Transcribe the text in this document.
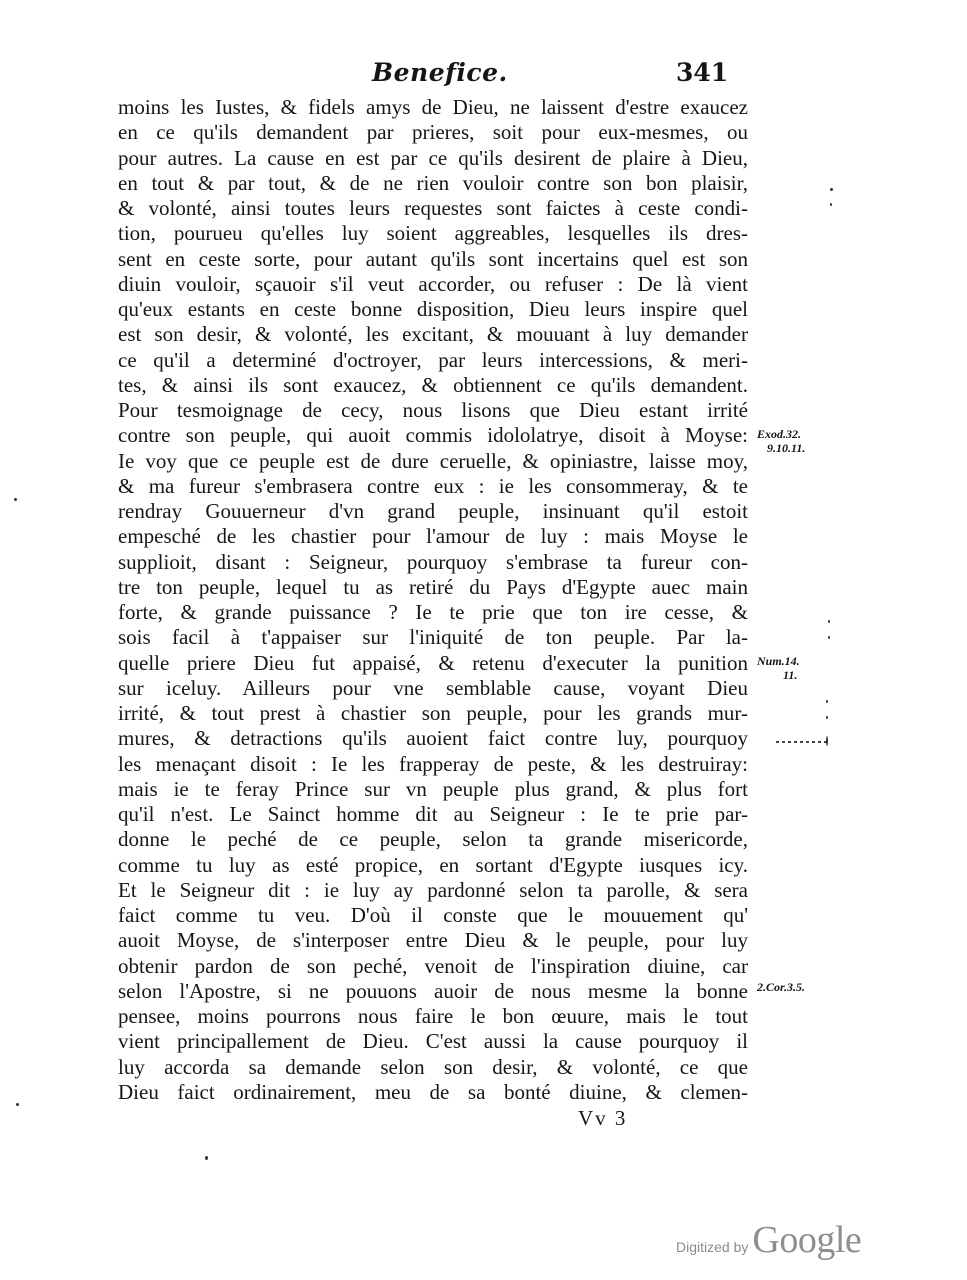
Benefice.	341
moins les Iustes, & fidels amys de Dieu, ne laissent d'estre exaucez
en ce qu'ils demandent par prieres, soit pour eux-mesmes, ou
pour autres. La cause en est par ce qu'ils desirent de plaire à Dieu,
en tout & par tout, & de ne rien vouloir contre son bon plaisir,
& volonté, ainsi toutes leurs requestes sont faictes à ceste condi-
tion, pourueu qu'elles luy soient aggreables, lesquelles ils dres-
sent en ceste sorte, pour autant qu'ils sont incertains quel est son
diuin vouloir, sçauoir s'il veut accorder, ou refuser : De là vient
qu'eux estants en ceste bonne disposition, Dieu leurs inspire quel
est son desir, & volonté, les excitant, & mouuant à luy demander
ce qu'il a determiné d'octroyer, par leurs intercessions, & meri-
tes, & ainsi ils sont exaucez, & obtiennent ce qu'ils demandent.
Pour tesmoignage de cecy, nous lisons que Dieu estant irrité
contre son peuple, qui auoit commis idololatrye, disoit à Moyse:
Ie voy que ce peuple est de dure ceruelle, & opiniastre, laisse moy,
& ma fureur s'embrasera contre eux : ie les consommeray, & te
rendray Gouuerneur d'vn grand peuple, insinuant qu'il estoit
empesché de les chastier pour l'amour de luy : mais Moyse le
supplioit, disant : Seigneur, pourquoy s'embrase ta fureur con-
tre ton peuple, lequel tu as retiré du Pays d'Egypte auec main
forte, & grande puissance ? Ie te prie que ton ire cesse, &
sois facil à t'appaiser sur l'iniquité de ton peuple. Par la-
quelle priere Dieu fut appaisé, & retenu d'executer la punition
sur iceluy. Ailleurs pour vne semblable cause, voyant Dieu
irrité, & tout prest à chastier son peuple, pour les grands mur-
mures, & detractions qu'ils auoient faict contre luy, pourquoy
les menaçant disoit : Ie les frapperay de peste, & les destruiray:
mais ie te feray Prince sur vn peuple plus grand, & plus fort
qu'il n'est. Le Sainct homme dit au Seigneur : Ie te prie par-
donne le peché de ce peuple, selon ta grande misericorde,
comme tu luy as esté propice, en sortant d'Egypte iusques icy.
Et le Seigneur dit : ie luy ay pardonné selon ta parolle, & sera
faict comme tu veu. D'où il conste que le mouuement qu'
auoit Moyse, de s'interposer entre Dieu & le peuple, pour luy
obtenir pardon de son peché, venoit de l'inspiration diuine, car
selon l'Apostre, si ne pouuons auoir de nous mesme la bonne
pensee, moins pourrons nous faire le bon œuure, mais le tout
vient principallement de Dieu. C'est aussi la cause pourquoy il
luy accorda sa demande selon son desir, & volonté, ce que
Dieu faict ordinairement, meu de sa bonté diuine, & clemen-
Exod.32.
9.10.11.
Num.14.
11.
2.Cor.3.5.
Vv 3
Digitized by Google
